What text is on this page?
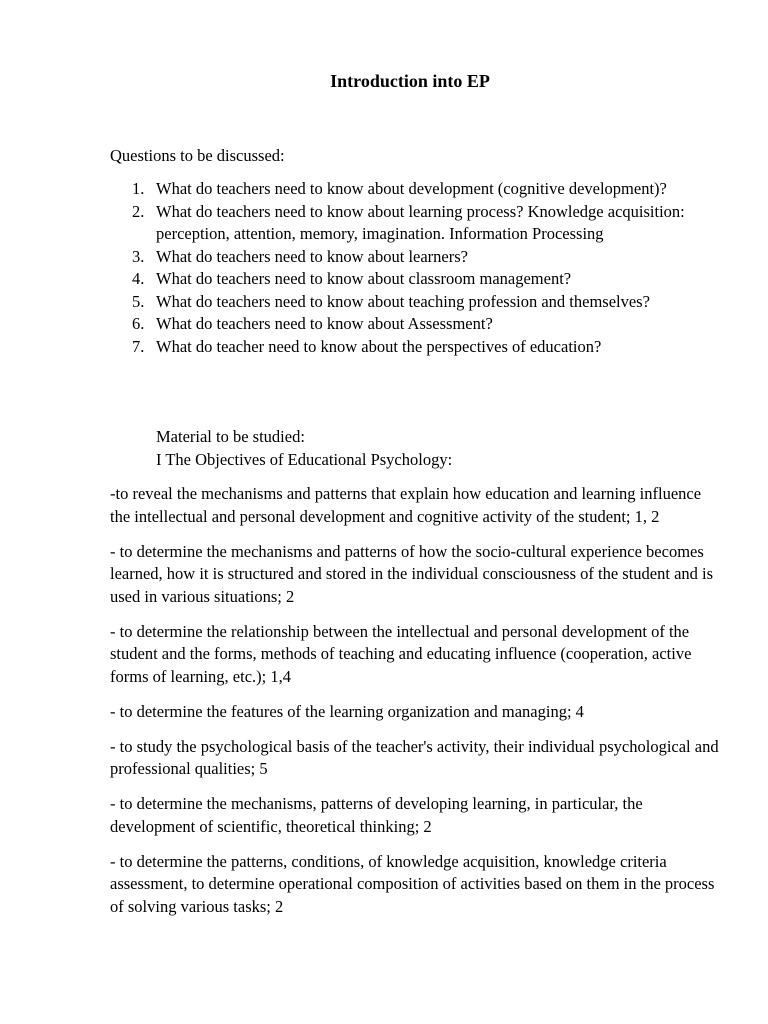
Introduction into EP
Questions to be discussed:
1. What do teachers need to know about development (cognitive development)?
2. What do teachers need to know about learning process? Knowledge acquisition: perception, attention, memory, imagination. Information Processing
3. What do teachers need to know about learners?
4. What do teachers need to know about classroom management?
5. What do teachers need to know about teaching profession and themselves?
6. What do teachers need to know about Assessment?
7. What do teacher need to know about the perspectives of education?
Material to be studied:
I The Objectives of Educational Psychology:

-to reveal the mechanisms and patterns that explain how education and learning influence the intellectual and personal development and cognitive activity of the student; 1, 2

- to determine the mechanisms and patterns of how the socio-cultural experience becomes learned, how it is structured and stored in the individual consciousness of the student and is used in various situations; 2

- to determine the relationship between the intellectual and personal development of the student and the forms, methods of teaching and educating influence (cooperation, active forms of learning, etc.); 1,4

- to determine the features of the learning organization and managing; 4

- to study the psychological basis of the teacher's activity, their individual psychological and professional qualities; 5

- to determine the mechanisms, patterns of developing learning, in particular, the development of scientific, theoretical thinking; 2

- to determine the patterns, conditions, of knowledge acquisition, knowledge criteria assessment, to determine operational composition of activities based on them in the process of solving various tasks; 2
